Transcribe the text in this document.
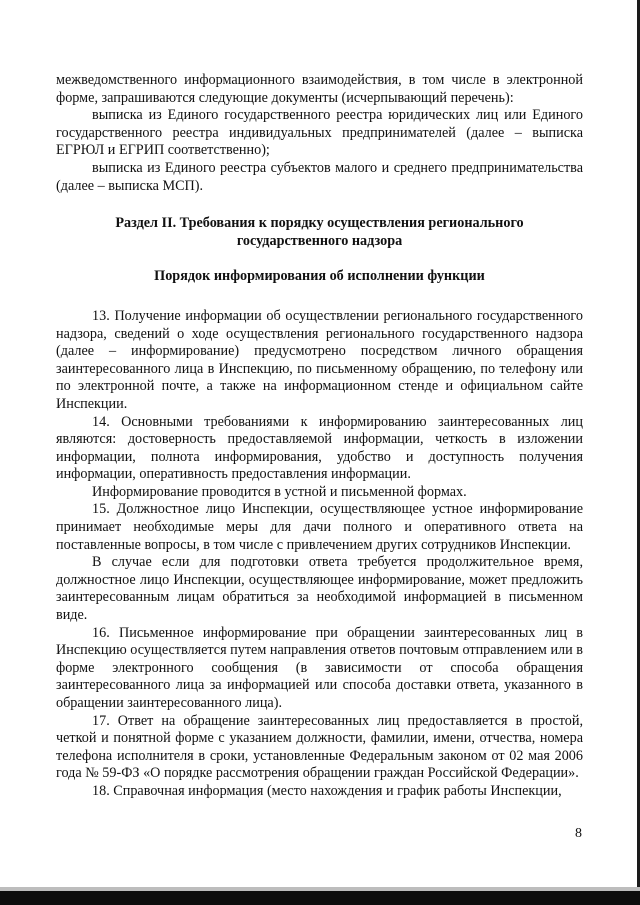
межведомственного информационного взаимодействия, в том числе в электронной форме, запрашиваются следующие документы (исчерпывающий перечень):

выписка из Единого государственного реестра юридических лиц или Единого государственного реестра индивидуальных предпринимателей (далее – выписка ЕГРЮЛ и ЕГРИП соответственно);

выписка из Единого реестра субъектов малого и среднего предпринимательства (далее – выписка МСП).

Раздел II. Требования к порядку осуществления регионального государственного надзора
Порядок информирования об исполнении функции

13. Получение информации об осуществлении регионального государственного надзора, сведений о ходе осуществления регионального государственного надзора (далее – информирование) предусмотрено посредством личного обращения заинтересованного лица в Инспекцию, по письменному обращению, по телефону или по электронной почте, а также на информационном стенде и официальном сайте Инспекции.

14. Основными требованиями к информированию заинтересованных лиц являются: достоверность предоставляемой информации, четкость в изложении информации, полнота информирования, удобство и доступность получения информации, оперативность предоставления информации.

Информирование проводится в устной и письменной формах.

15. Должностное лицо Инспекции, осуществляющее устное информирование принимает необходимые меры для дачи полного и оперативного ответа на поставленные вопросы, в том числе с привлечением других сотрудников Инспекции.

В случае если для подготовки ответа требуется продолжительное время, должностное лицо Инспекции, осуществляющее информирование, может предложить заинтересованным лицам обратиться за необходимой информацией в письменном виде.

16. Письменное информирование при обращении заинтересованных лиц в Инспекцию осуществляется путем направления ответов почтовым отправлением или в форме электронного сообщения (в зависимости от способа обращения заинтересованного лица за информацией или способа доставки ответа, указанного в обращении заинтересованного лица).

17. Ответ на обращение заинтересованных лиц предоставляется в простой, четкой и понятной форме с указанием должности, фамилии, имени, отчества, номера телефона исполнителя в сроки, установленные Федеральным законом от 02 мая 2006 года № 59-ФЗ «О порядке рассмотрения обращении граждан Российской Федерации».

18. Справочная информация (место нахождения и график работы Инспекции,

8
